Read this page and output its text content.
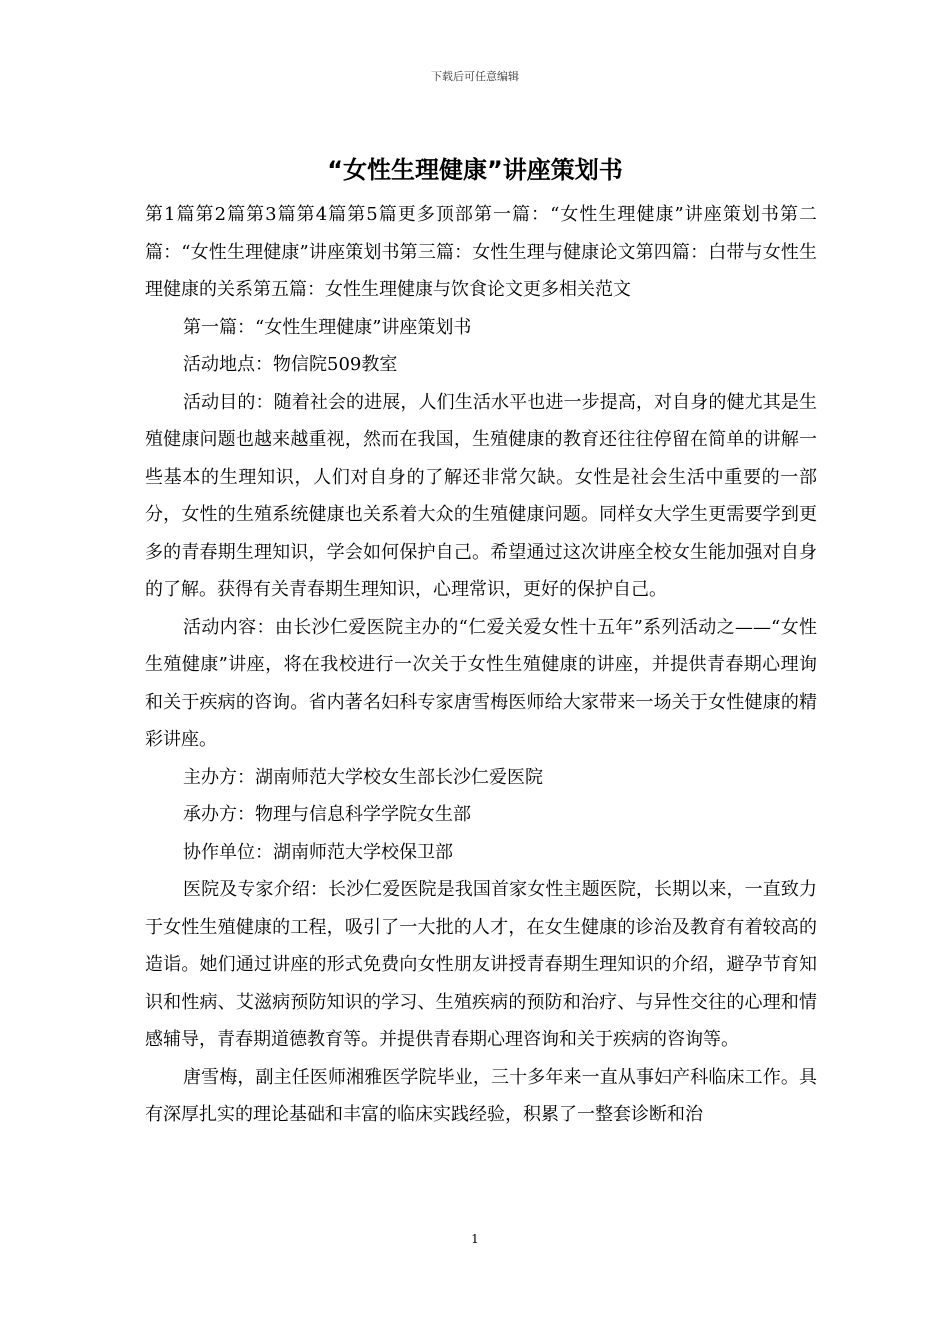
下载后可任意编辑
“女性生理健康”讲座策划书

第1篇第2篇第3篇第4篇第5篇更多顶部第一篇：“女性生理健康”讲座策划书第二篇：“女性生理健康”讲座策划书第三篇：女性生理与健康论文第四篇：白带与女性生理健康的关系第五篇：女性生理健康与饮食论文更多相关范文

第一篇：“女性生理健康”讲座策划书

活动地点：物信院509教室

活动目的：随着社会的进展，人们生活水平也进一步提高，对自身的健尤其是生殖健康问题也越来越重视，然而在我国，生殖健康的教育还往往停留在简单的讲解一些基本的生理知识，人们对自身的了解还非常欠缺。女性是社会生活中重要的一部分，女性的生殖系统健康也关系着大众的生殖健康问题。同样女大学生更需要学到更多的青春期生理知识，学会如何保护自己。希望通过这次讲座全校女生能加强对自身的了解。获得有关青春期生理知识，心理常识，更好的保护自己。

活动内容：由长沙仁爱医院主办的“仁爱关爱女性十五年”系列活动之——“女性生殖健康”讲座，将在我校进行一次关于女性生殖健康的讲座，并提供青春期心理询和关于疾病的咨询。省内著名妇科专家唐雪梅医师给大家带来一场关于女性健康的精彩讲座。

主办方：湖南师范大学校女生部长沙仁爱医院

承办方：物理与信息科学学院女生部

协作单位：湖南师范大学校保卫部

医院及专家介绍：长沙仁爱医院是我国首家女性主题医院，长期以来，一直致力于女性生殖健康的工程，吸引了一大批的人才，在女生健康的诊治及教育有着较高的造诣。她们通过讲座的形式免费向女性朋友讲授青春期生理知识的介绍，避孕节育知识和性病、艾滋病预防知识的学习、生殖疾病的预防和治疗、与异性交往的心理和情感辅导，青春期道德教育等。并提供青春期心理咨询和关于疾病的咨询等。

唐雪梅，副主任医师湘雅医学院毕业，三十多年来一直从事妇产科临床工作。具有深厚扎实的理论基础和丰富的临床实践经验，积累了一整套诊断和治

1
